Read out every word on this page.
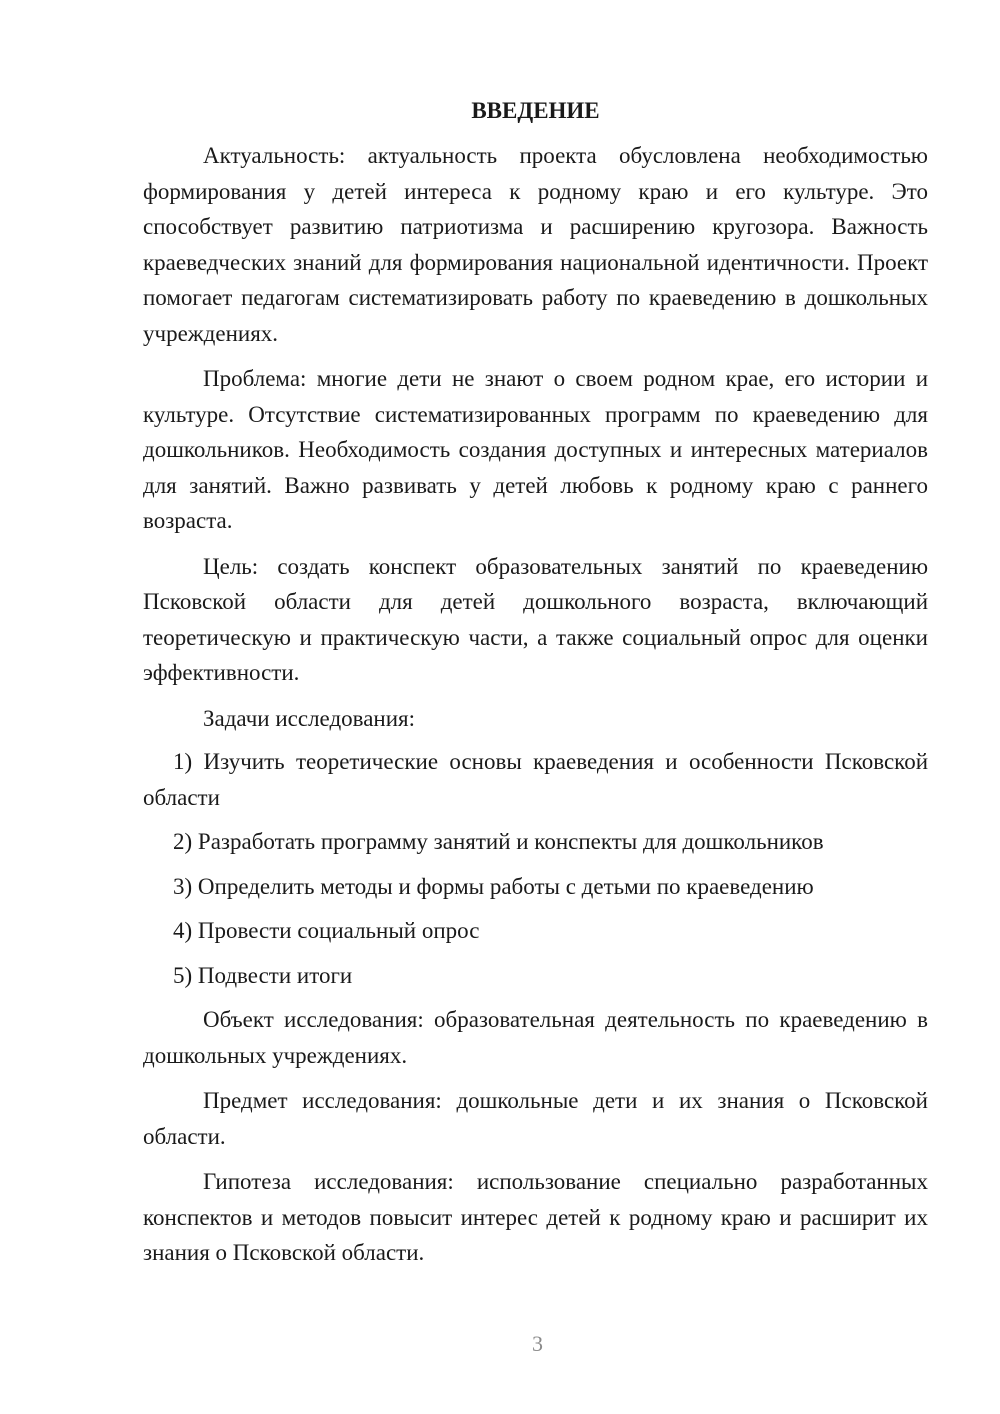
ВВЕДЕНИЕ

Актуальность: актуальность проекта обусловлена необходимостью формирования у детей интереса к родному краю и его культуре. Это способствует развитию патриотизма и расширению кругозора. Важность краеведческих знаний для формирования национальной идентичности. Проект помогает педагогам систематизировать работу по краеведению в дошкольных учреждениях.

Проблема: многие дети не знают о своем родном крае, его истории и культуре. Отсутствие систематизированных программ по краеведению для дошкольников. Необходимость создания доступных и интересных материалов для занятий. Важно развивать у детей любовь к родному краю с раннего возраста.

Цель: создать конспект образовательных занятий по краеведению Псковской области для детей дошкольного возраста, включающий теоретическую и практическую части, а также социальный опрос для оценки эффективности.

Задачи исследования:

1) Изучить теоретические основы краеведения и особенности Псковской области

2) Разработать программу занятий и конспекты для дошкольников

3) Определить методы и формы работы с детьми по краеведению

4) Провести социальный опрос

5) Подвести итоги

Объект исследования: образовательная деятельность по краеведению в дошкольных учреждениях.

Предмет исследования: дошкольные дети и их знания о Псковской области.

Гипотеза исследования: использование специально разработанных конспектов и методов повысит интерес детей к родному краю и расширит их знания о Псковской области.

3
